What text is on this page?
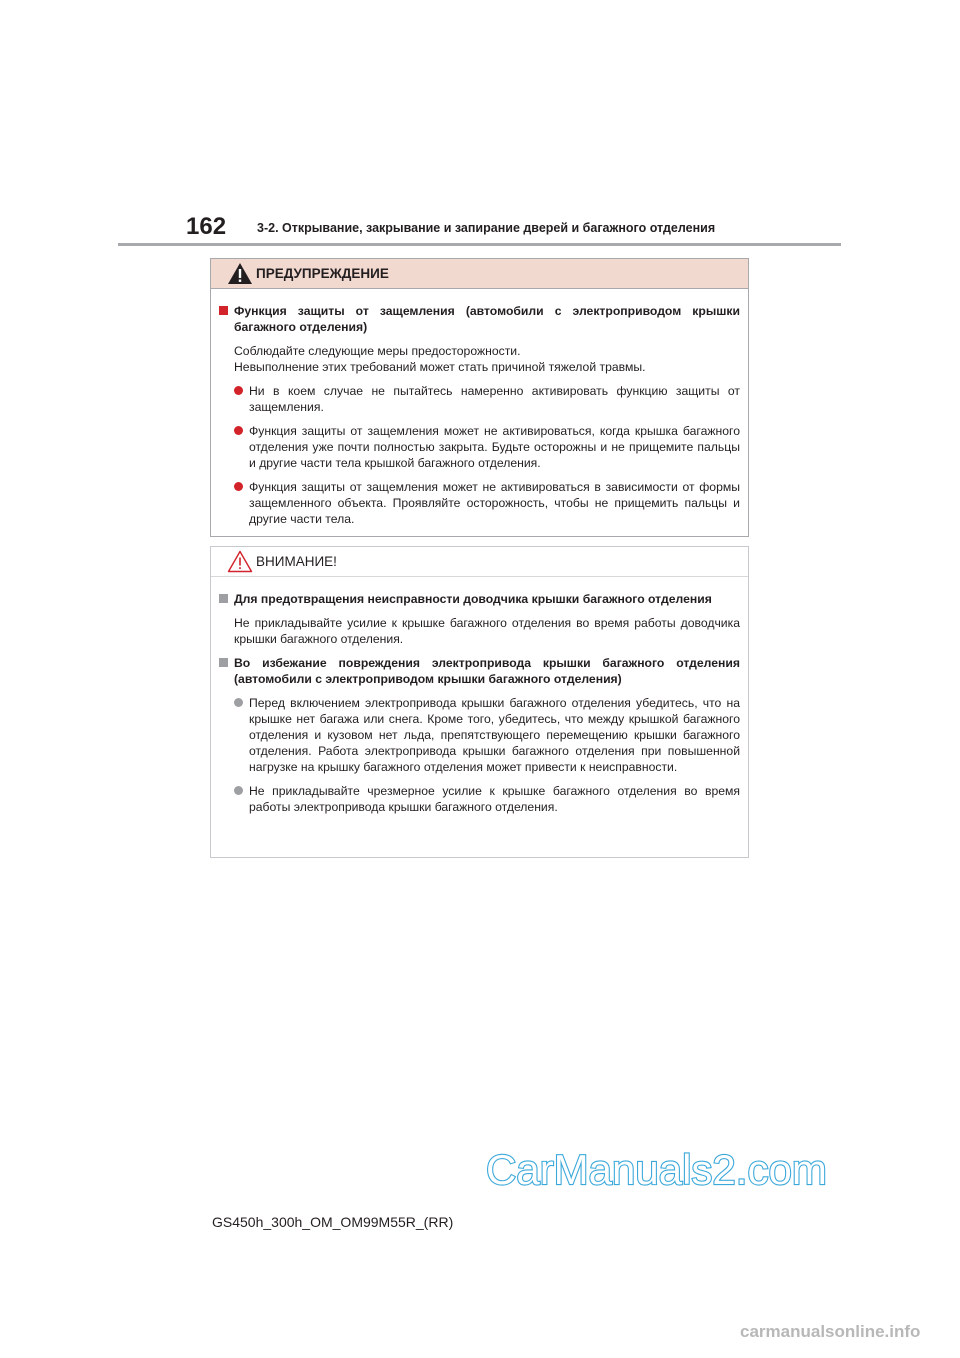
162 3-2. Открывание, закрывание и запирание дверей и багажного отделения
ПРЕДУПРЕЖДЕНИЕ
Функция защиты от защемления (автомобили с электроприводом крышки багажного отделения)
Соблюдайте следующие меры предосторожности.
Невыполнение этих требований может стать причиной тяжелой травмы.
Ни в коем случае не пытайтесь намеренно активировать функцию защиты от защемления.
Функция защиты от защемления может не активироваться, когда крышка багажного отделения уже почти полностью закрыта. Будьте осторожны и не прищемите пальцы и другие части тела крышкой багажного отделения.
Функция защиты от защемления может не активироваться в зависимости от формы защемленного объекта. Проявляйте осторожность, чтобы не прищемить пальцы и другие части тела.
ВНИМАНИЕ!
Для предотвращения неисправности доводчика крышки багажного отделения
Не прикладывайте усилие к крышке багажного отделения во время работы доводчика крышки багажного отделения.
Во избежание повреждения электропривода крышки багажного отделения (автомобили с электроприводом крышки багажного отделения)
Перед включением электропривода крышки багажного отделения убедитесь, что на крышке нет багажа или снега. Кроме того, убедитесь, что между крышкой багажного отделения и кузовом нет льда, препятствующего перемещению крышки багажного отделения. Работа электропривода крышки багажного отделения при повышенной нагрузке на крышку багажного отделения может привести к неисправности.
Не прикладывайте чрезмерное усилие к крышке багажного отделения во время работы электропривода крышки багажного отделения.
CarManuals2.com
GS450h_300h_OM_OM99M55R_(RR)
carmanualsonline.info
